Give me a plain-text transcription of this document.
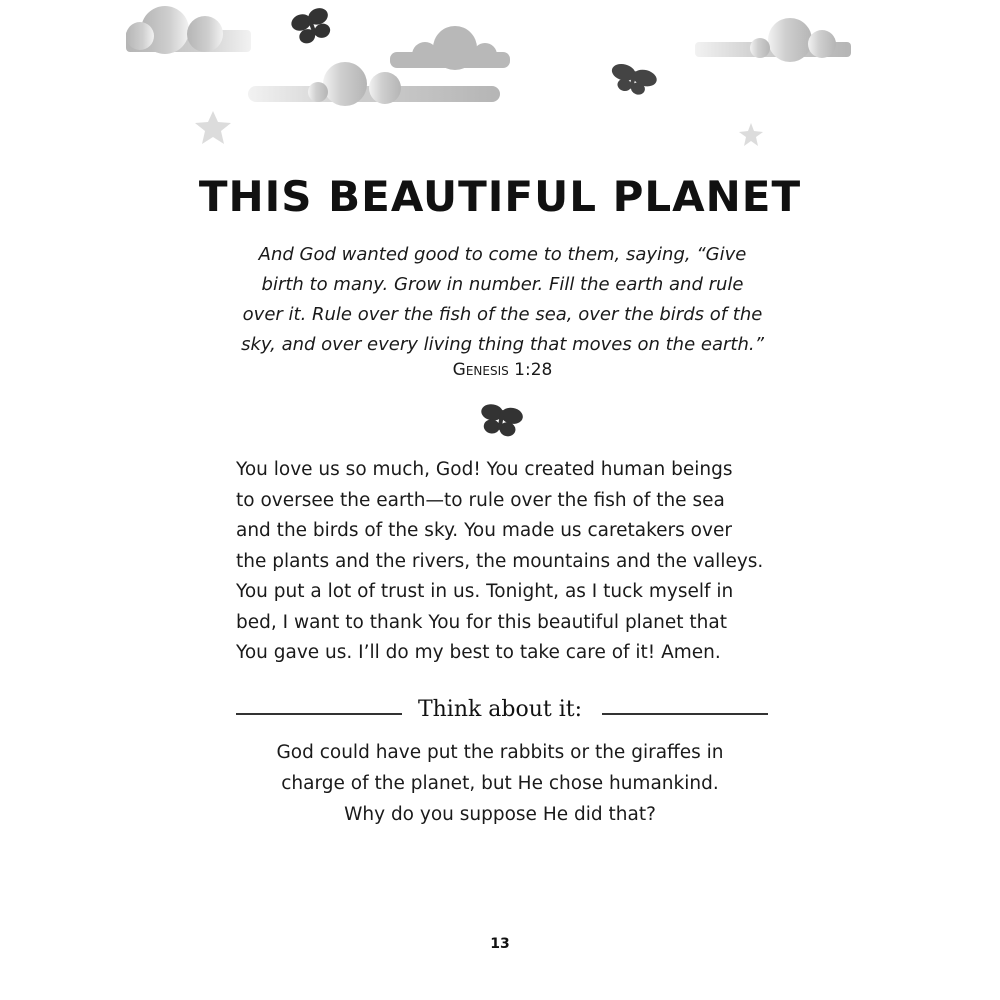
THIS BEAUTIFUL PLANET
And God wanted good to come to them, saying, “Give
birth to many. Grow in number. Fill the earth and rule
over it. Rule over the fish of the sea, over the birds of the
sky, and over every living thing that moves on the earth.”
Genesis 1:28
You love us so much, God! You created human beings
to oversee the earth—to rule over the fish of the sea
and the birds of the sky. You made us caretakers over
the plants and the rivers, the mountains and the valleys.
You put a lot of trust in us. Tonight, as I tuck myself in
bed, I want to thank You for this beautiful planet that
You gave us. I’ll do my best to take care of it! Amen.
Think about it:
God could have put the rabbits or the giraffes in
charge of the planet, but He chose humankind.
Why do you suppose He did that?
13
